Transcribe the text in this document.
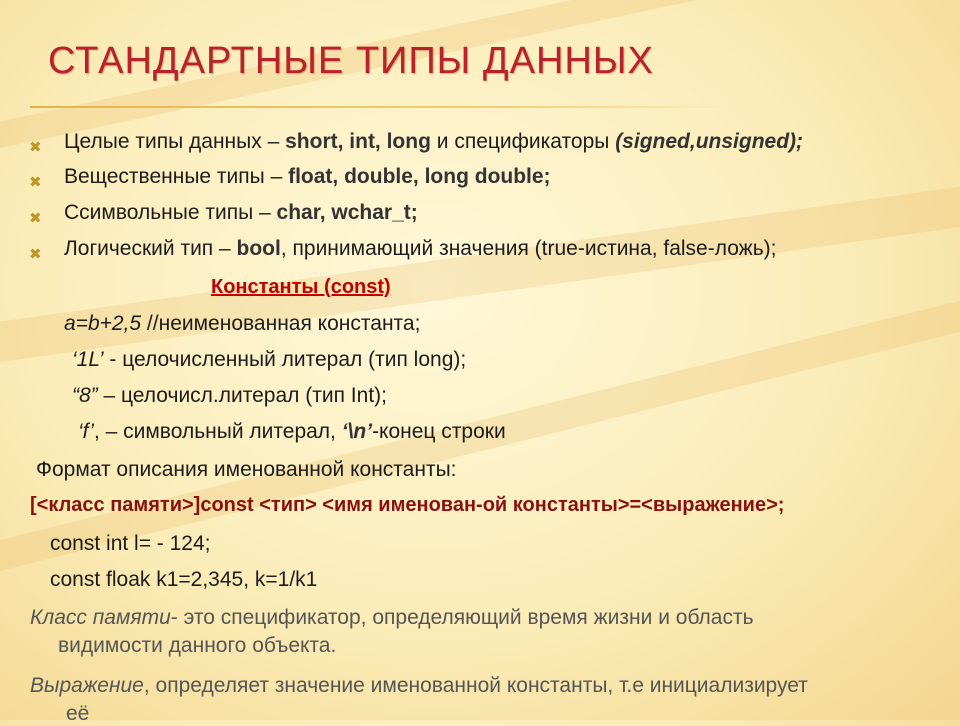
СТАНДАРТНЫЕ ТИПЫ ДАННЫХ
✖ Целые типы данных – short, int, long и спецификаторы (signed,unsigned);
✖ Вещественные типы – float, double, long double;
✖ Ссимвольные типы – char, wchar_t;
✖ Логический тип – bool, принимающий значения (true-истина, false-ложь);
Константы (const)
a=b+2,5 //неименованная константа;
‘1L’ - целочисленный литерал (тип long);
“8” – целочисл.литерал (тип Int);
‘f’, – символьный литерал, ‘\n’-конец строки
Формат описания именованной константы:
[<класс памяти>]const <тип> <имя именован-ой константы>=<выражение>;
const int l= - 124;
const floak k1=2,345, k=1/k1
Класс памяти- это спецификатор, определяющий время жизни и область
видимости данного объекта.
Выражение, определяет значение именованной константы, т.е инициализирует
её
